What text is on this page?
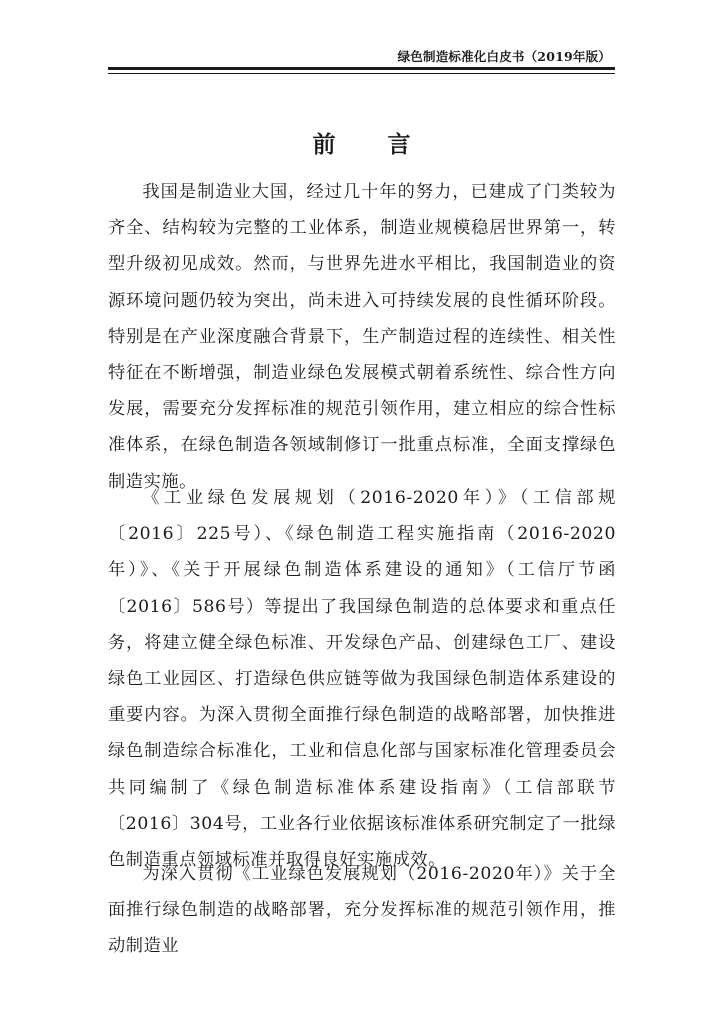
绿色制造标准化白皮书（2019年版）
前 言

我国是制造业大国，经过几十年的努力，已建成了门类较为齐全、结构较为完整的工业体系，制造业规模稳居世界第一，转型升级初见成效。然而，与世界先进水平相比，我国制造业的资源环境问题仍较为突出，尚未进入可持续发展的良性循环阶段。特别是在产业深度融合背景下，生产制造过程的连续性、相关性特征在不断增强，制造业绿色发展模式朝着系统性、综合性方向发展，需要充分发挥标准的规范引领作用，建立相应的综合性标准体系，在绿色制造各领域制修订一批重点标准，全面支撑绿色制造实施。

《工业绿色发展规划（2016-2020年）》（工信部规〔2016〕225号）、《绿色制造工程实施指南（2016-2020年）》、《关于开展绿色制造体系建设的通知》（工信厅节函〔2016〕586号）等提出了我国绿色制造的总体要求和重点任务，将建立健全绿色标准、开发绿色产品、创建绿色工厂、建设绿色工业园区、打造绿色供应链等做为我国绿色制造体系建设的重要内容。为深入贯彻全面推行绿色制造的战略部署，加快推进绿色制造综合标准化，工业和信息化部与国家标准化管理委员会共同编制了《绿色制造标准体系建设指南》（工信部联节〔2016〕304号，工业各行业依据该标准体系研究制定了一批绿色制造重点领域标准并取得良好实施成效。

为深入贯彻《工业绿色发展规划（2016-2020年）》关于全面推行绿色制造的战略部署，充分发挥标准的规范引领作用，推动制造业
